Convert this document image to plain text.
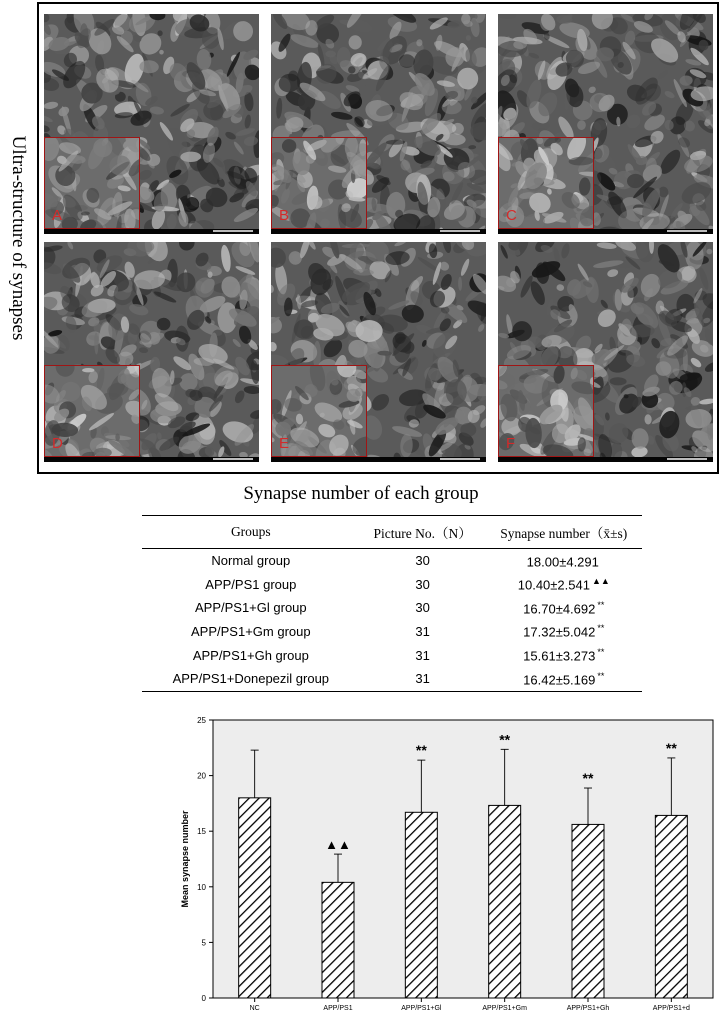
Ultra-structure of synapses A	B	C
D	E	F
Synapse number of each group
Groups	Picture No.（N）	Synapse number（x̄±s)
Normal group	30	18.00±4.291
APP/PS1 group	30	10.40±2.541 ▲▲
APP/PS1+Gl group	30	16.70±4.692 **
APP/PS1+Gm group	31	17.32±5.042 **
APP/PS1+Gh group	31	15.61±3.273 **
APP/PS1+Donepezil group	31	16.42±5.169 **
0
5
10
15
20
25
Mean synapse number
NC
▲▲
APP/PS1
**
APP/PS1+Gl
**
APP/PS1+Gm
**
APP/PS1+Gh
**
APP/PS1+d
